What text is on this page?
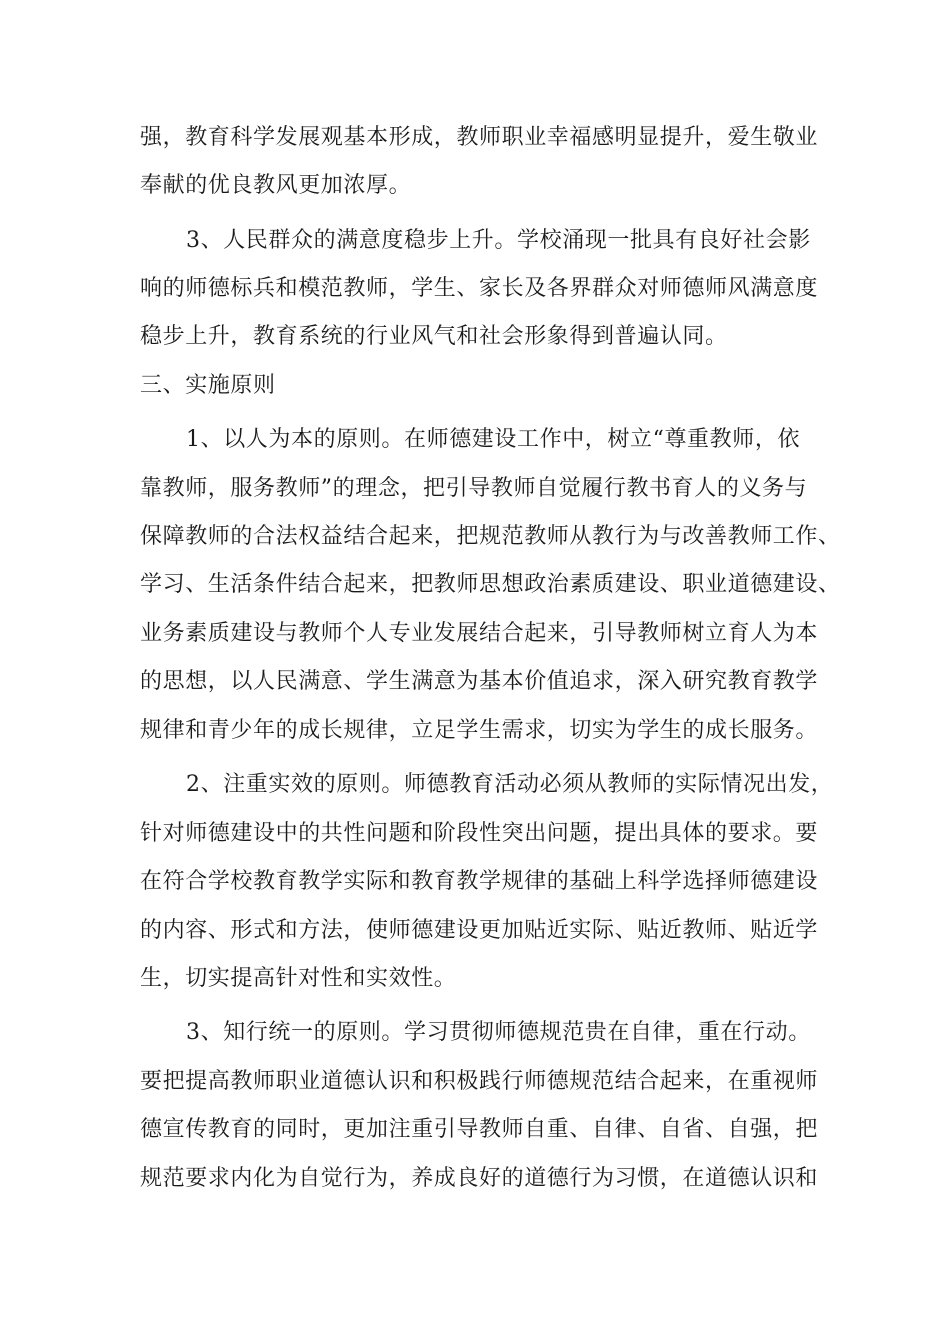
强，教育科学发展观基本形成，教师职业幸福感明显提升，爱生敬业

奉献的优良教风更加浓厚。

3、人民群众的满意度稳步上升。学校涌现一批具有良好社会影

响的师德标兵和模范教师，学生、家长及各界群众对师德师风满意度

稳步上升，教育系统的行业风气和社会形象得到普遍认同。

三、实施原则

1、以人为本的原则。在师德建设工作中，树立“尊重教师，依

靠教师，服务教师”的理念，把引导教师自觉履行教书育人的义务与

保障教师的合法权益结合起来，把规范教师从教行为与改善教师工作、

学习、生活条件结合起来，把教师思想政治素质建设、职业道德建设、

业务素质建设与教师个人专业发展结合起来，引导教师树立育人为本

的思想，以人民满意、学生满意为基本价值追求，深入研究教育教学

规律和青少年的成长规律，立足学生需求，切实为学生的成长服务。

2、注重实效的原则。师德教育活动必须从教师的实际情况出发，

针对师德建设中的共性问题和阶段性突出问题，提出具体的要求。要

在符合学校教育教学实际和教育教学规律的基础上科学选择师德建设

的内容、形式和方法，使师德建设更加贴近实际、贴近教师、贴近学

生，切实提高针对性和实效性。

3、知行统一的原则。学习贯彻师德规范贵在自律，重在行动。

要把提高教师职业道德认识和积极践行师德规范结合起来，在重视师

德宣传教育的同时，更加注重引导教师自重、自律、自省、自强，把

规范要求内化为自觉行为，养成良好的道德行为习惯，在道德认识和
